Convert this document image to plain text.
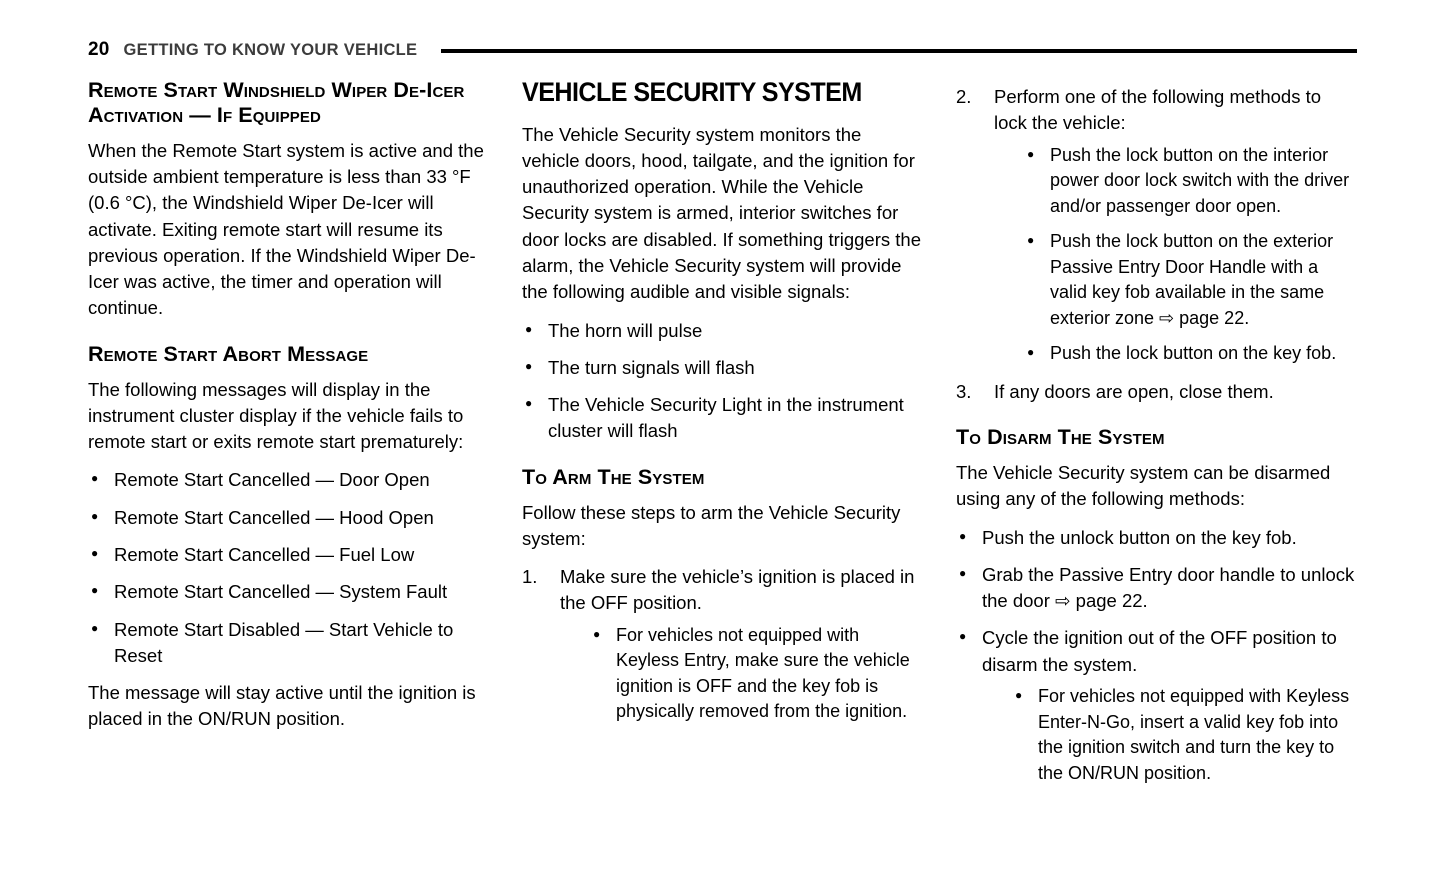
20 GETTING TO KNOW YOUR VEHICLE
Remote Start Windshield Wiper De-Icer Activation — If Equipped

When the Remote Start system is active and the outside ambient temperature is less than 33 °F (0.6 °C), the Windshield Wiper De-Icer will activate. Exiting remote start will resume its previous operation. If the Windshield Wiper De-Icer was active, the timer and operation will continue.

Remote Start Abort Message

The following messages will display in the instrument cluster display if the vehicle fails to remote start or exits remote start prematurely:

● Remote Start Cancelled — Door Open
● Remote Start Cancelled — Hood Open
● Remote Start Cancelled — Fuel Low
● Remote Start Cancelled — System Fault
● Remote Start Disabled — Start Vehicle to Reset

The message will stay active until the ignition is placed in the ON/RUN position.

VEHICLE SECURITY SYSTEM

The Vehicle Security system monitors the vehicle doors, hood, tailgate, and the ignition for unauthorized operation. While the Vehicle Security system is armed, interior switches for door locks are disabled. If something triggers the alarm, the Vehicle Security system will provide the following audible and visible signals:

● The horn will pulse
● The turn signals will flash
● The Vehicle Security Light in the instrument cluster will flash
To Arm The System

Follow these steps to arm the Vehicle Security system:

1.	Make sure the vehicle’s ignition is placed in the OFF position.
● For vehicles not equipped with Keyless Entry, make sure the vehicle ignition is OFF and the key fob is physically removed from the ignition.
2.	Perform one of the following methods to lock the vehicle:
● Push the lock button on the interior power door lock switch with the driver and/or passenger door open.
● Push the lock button on the exterior Passive Entry Door Handle with a valid key fob available in the same exterior zone ⇨ page 22.
● Push the lock button on the key fob.
3.	If any doors are open, close them.
To Disarm The System

The Vehicle Security system can be disarmed using any of the following methods:

● Push the unlock button on the key fob.
● Grab the Passive Entry door handle to unlock the door ⇨ page 22.
● Cycle the ignition out of the OFF position to disarm the system.
● For vehicles not equipped with Keyless Enter-N-Go, insert a valid key fob into the ignition switch and turn the key to the ON/RUN position.
